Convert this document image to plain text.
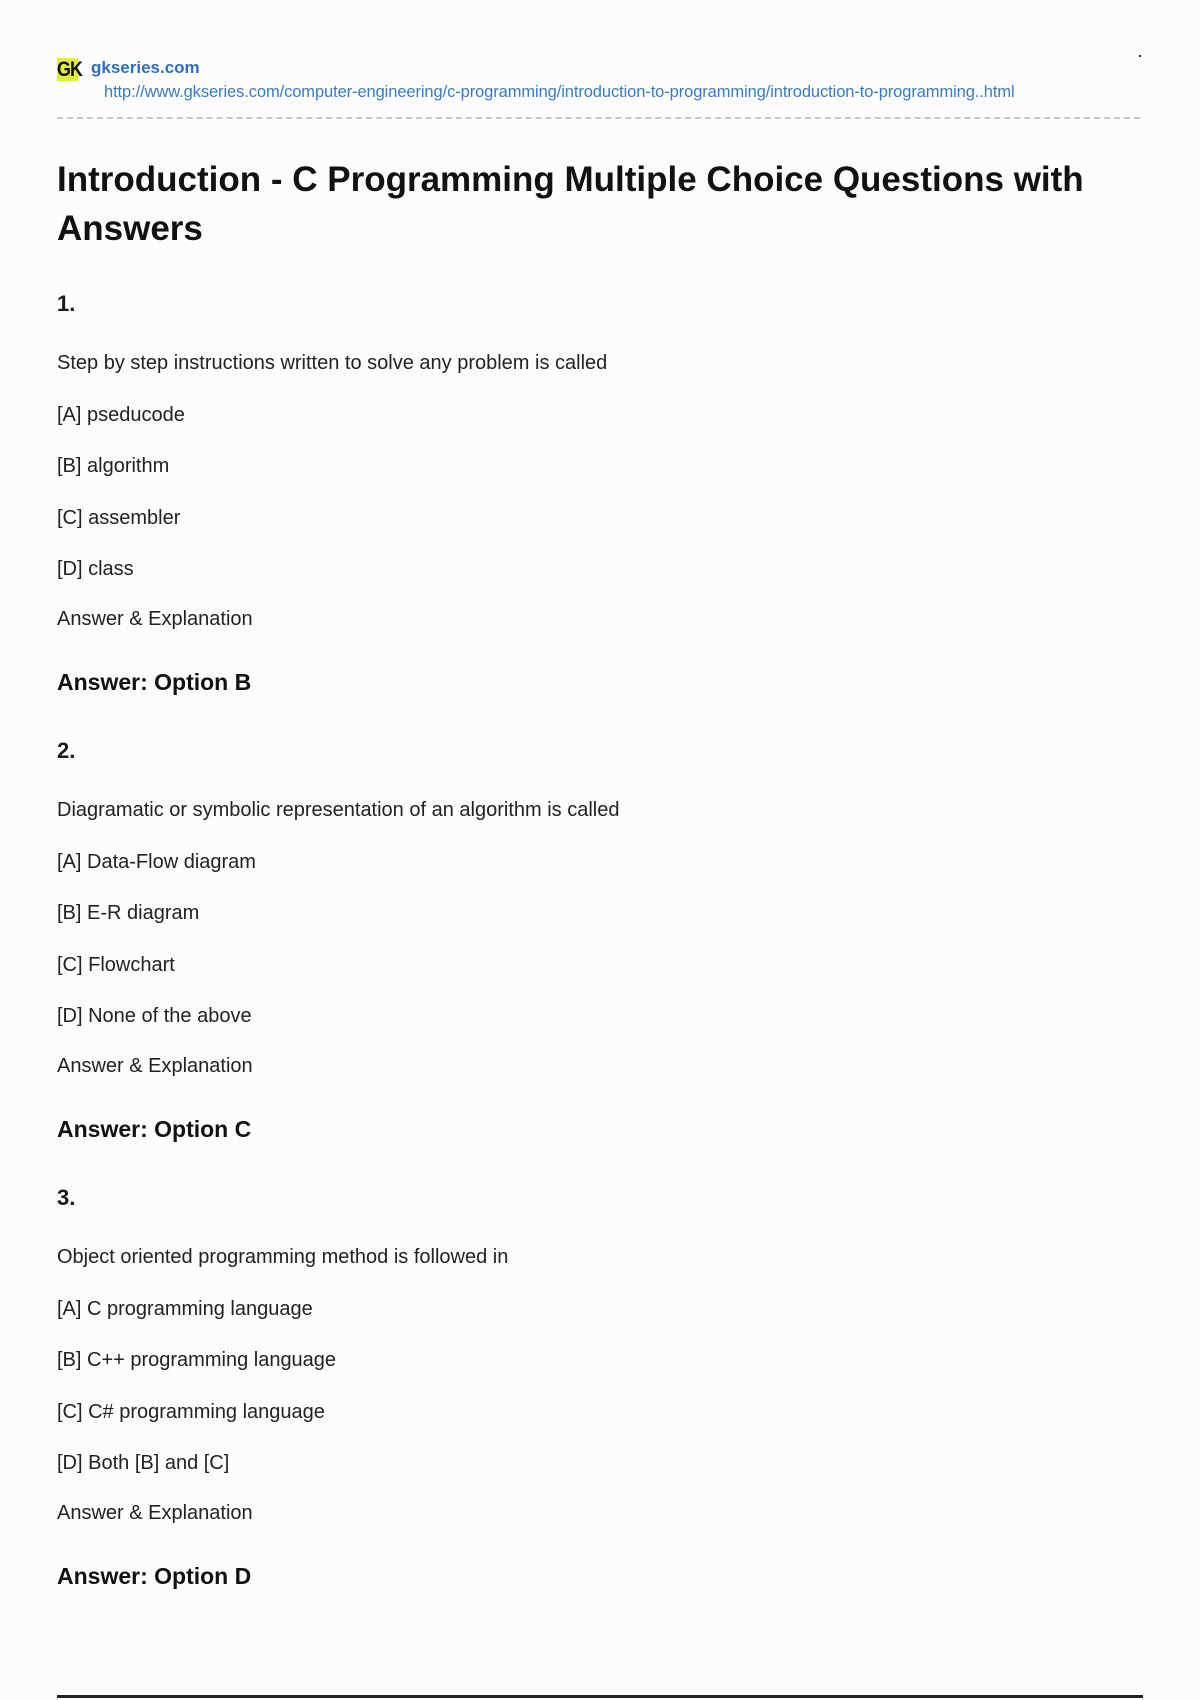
GK gkseries.com
http://www.gkseries.com/computer-engineering/c-programming/introduction-to-programming/introduction-to-programming..html
Introduction - C Programming Multiple Choice Questions with Answers
1.
Step by step instructions written to solve any problem is called
[A] pseducode
[B] algorithm
[C] assembler
[D] class
Answer & Explanation
Answer: Option B
2.
Diagramatic or symbolic representation of an algorithm is called
[A] Data-Flow diagram
[B] E-R diagram
[C] Flowchart
[D] None of the above
Answer & Explanation
Answer: Option C
3.
Object oriented programming method is followed in
[A] C programming language
[B] C++ programming language
[C] C# programming language
[D] Both [B] and [C]
Answer & Explanation
Answer: Option D
